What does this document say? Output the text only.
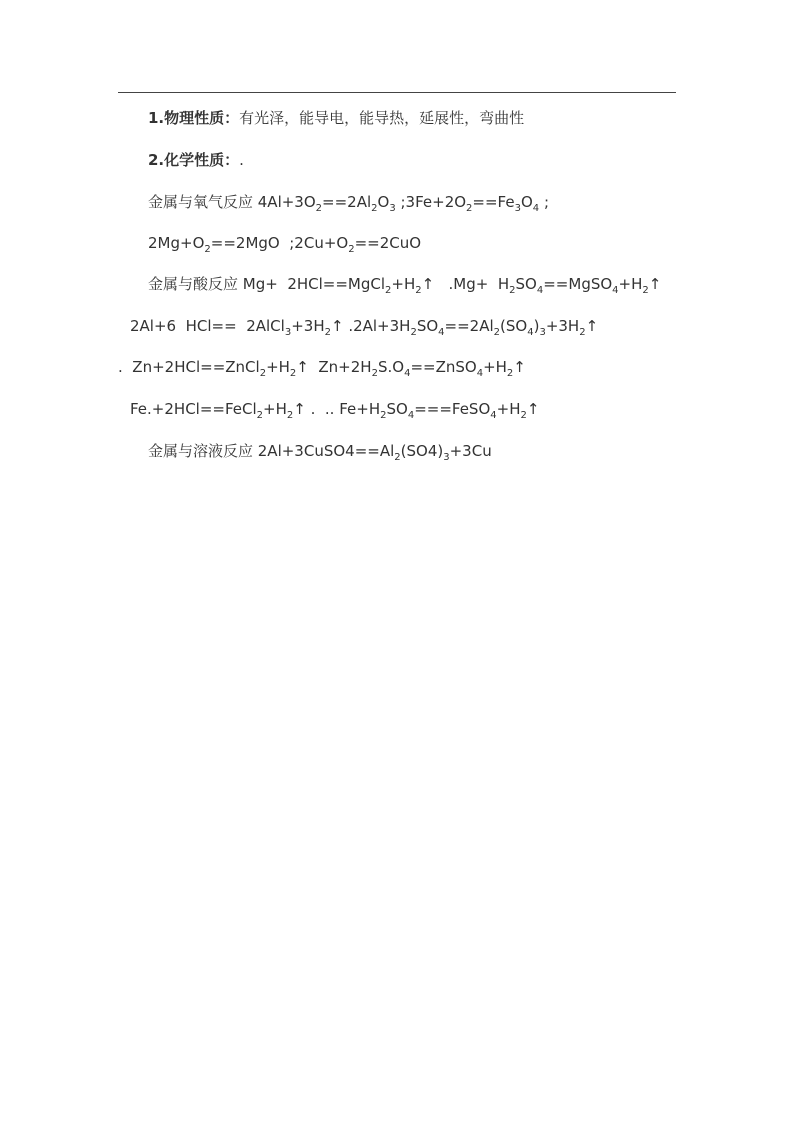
1.物理性质：有光泽，能导电，能导热，延展性，弯曲性
2.化学性质：.
金属与氧气反应 $4Al+3O_2==2Al_2O_3$ $;3Fe+2O_2==Fe_3O_4$ ;
$2Mg+O_2==2MgO$  $;2Cu+O_2==2CuO$
金属与酸反应 $Mg+ 2HCl==MgCl_2+H_2↑$   $.Mg+ H_2SO_4==MgSO_4+H_2↑$
2Al+6  $HCl== 2AlCl_3+3H_2↑$ $.2Al+3H_2SO_4==2Al_2(SO_4)_3+3H_2↑$
.  $Zn+2HCl==ZnCl_2+H_2↑$  $Zn+2H_2S.O_4==ZnSO_4+H_2↑$
$Fe.+2HCl==FeCl_2+H_2↑$ .  .. $Fe+H_2SO_4===FeSO_4+H_2↑$
金属与溶液反应 $2Al+3CuSO4==Al_2(SO4)_3+3Cu$
